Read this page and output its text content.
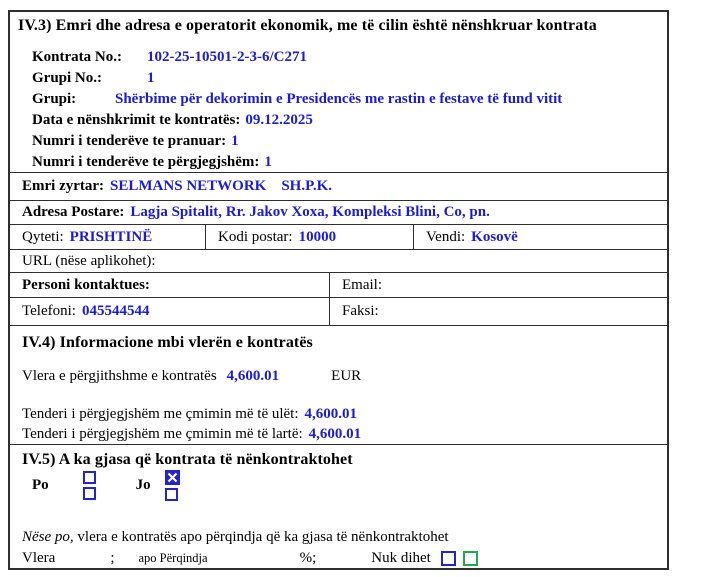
IV.3) Emri dhe adresa e operatorit ekonomik, me të cilin është nënshkruar kontrata
Kontrata No.:	102-25-10501-2-3-6/C271
Grupi No.:	1
Grupi:	Shërbime për dekorimin e Presidencës me rastin e festave të fund vitit
Data e nënshkrimit te kontratës: 09.12.2025
Numri i tenderëve te pranuar: 1
Numri i tenderëve te përgjegjshëm: 1
Emri zyrtar: SELMANS NETWORK    SH.P.K.
Adresa Postare: Lagja Spitalit, Rr. Jakov Xoxa, Kompleksi Blini, Co, pn.
Qyteti: PRISHTINË	Kodi postar: 10000	Vendi: Kosovë
URL (nëse aplikohet):
Personi kontaktues:	Email:
Telefoni: 045544544	Faksi:
IV.4) Informacione mbi vlerën e kontratës
Vlera e përgjithshme e kontratës 4,600.01	EUR
Tenderi i përgjegjshëm me çmimin më të ulët: 4,600.01
Tenderi i përgjegjshëm me çmimin më të lartë: 4,600.01
IV.5) A ka gjasa që kontrata të nënkontraktohet
Po	Jo
Nëse po, vlera e kontratës apo përqindja që ka gjasa të nënkontraktohet
Vlera	; apo Përqindja	%;	Nuk dihet
